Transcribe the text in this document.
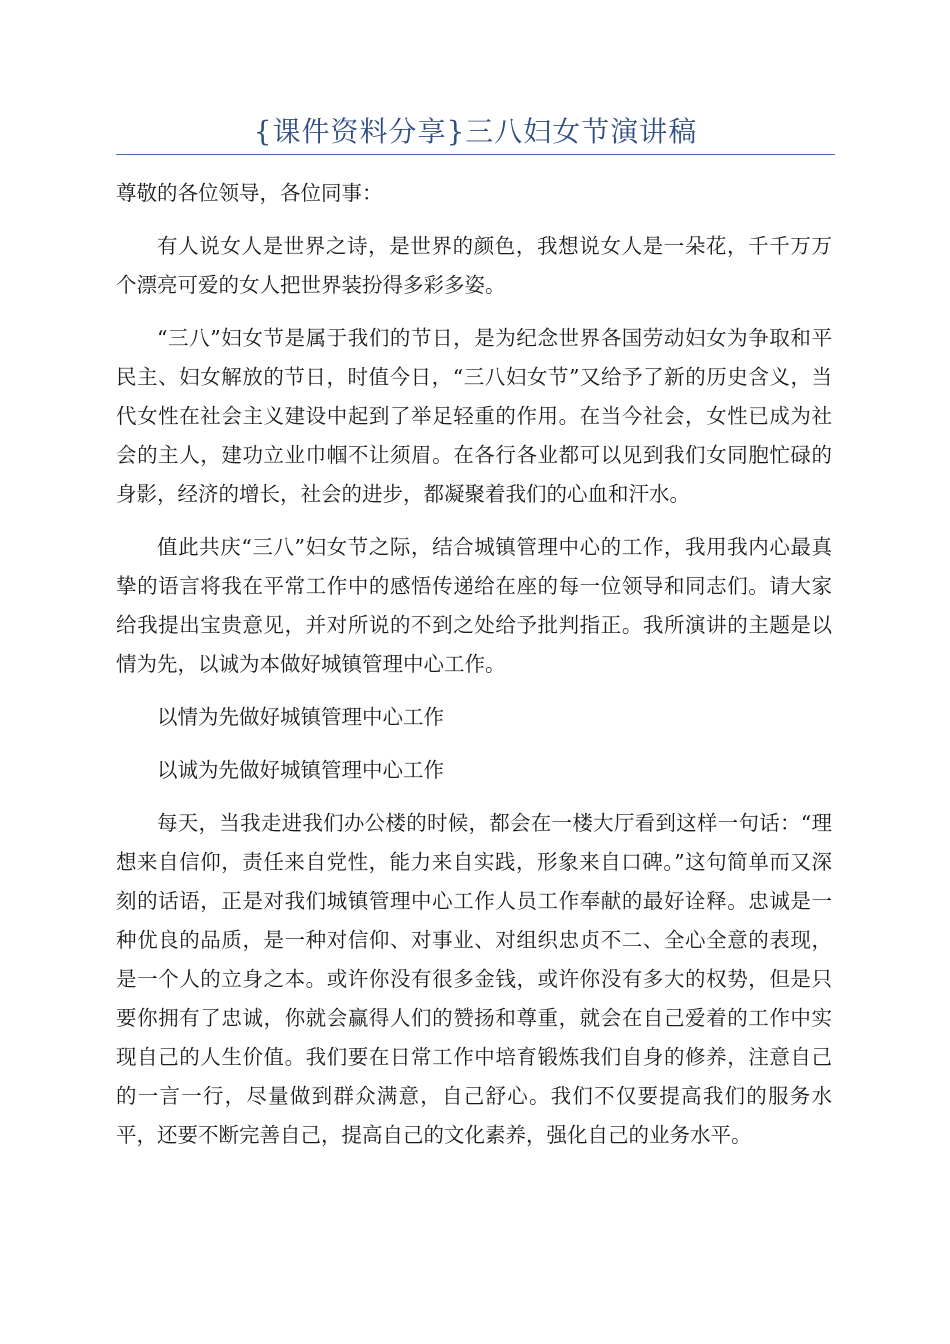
{课件资料分享}三八妇女节演讲稿

尊敬的各位领导，各位同事：

有人说女人是世界之诗，是世界的颜色，我想说女人是一朵花，千千万万个漂亮可爱的女人把世界装扮得多彩多姿。

“三八”妇女节是属于我们的节日，是为纪念世界各国劳动妇女为争取和平民主、妇女解放的节日，时值今日，“三八妇女节”又给予了新的历史含义，当代女性在社会主义建设中起到了举足轻重的作用。在当今社会，女性已成为社会的主人，建功立业巾帼不让须眉。在各行各业都可以见到我们女同胞忙碌的身影，经济的增长，社会的进步，都凝聚着我们的心血和汗水。

值此共庆“三八”妇女节之际，结合城镇管理中心的工作，我用我内心最真挚的语言将我在平常工作中的感悟传递给在座的每一位领导和同志们。请大家给我提出宝贵意见，并对所说的不到之处给予批判指正。我所演讲的主题是以情为先，以诚为本做好城镇管理中心工作。

以情为先做好城镇管理中心工作

以诚为先做好城镇管理中心工作

每天，当我走进我们办公楼的时候，都会在一楼大厅看到这样一句话：“理想来自信仰，责任来自党性，能力来自实践，形象来自口碑。”这句简单而又深刻的话语，正是对我们城镇管理中心工作人员工作奉献的最好诠释。忠诚是一种优良的品质，是一种对信仰、对事业、对组织忠贞不二、全心全意的表现，是一个人的立身之本。或许你没有很多金钱，或许你没有多大的权势，但是只要你拥有了忠诚，你就会赢得人们的赞扬和尊重，就会在自己爱着的工作中实现自己的人生价值。我们要在日常工作中培育锻炼我们自身的修养，注意自己的一言一行，尽量做到群众满意，自己舒心。我们不仅要提高我们的服务水平，还要不断完善自己，提高自己的文化素养，强化自己的业务水平。
